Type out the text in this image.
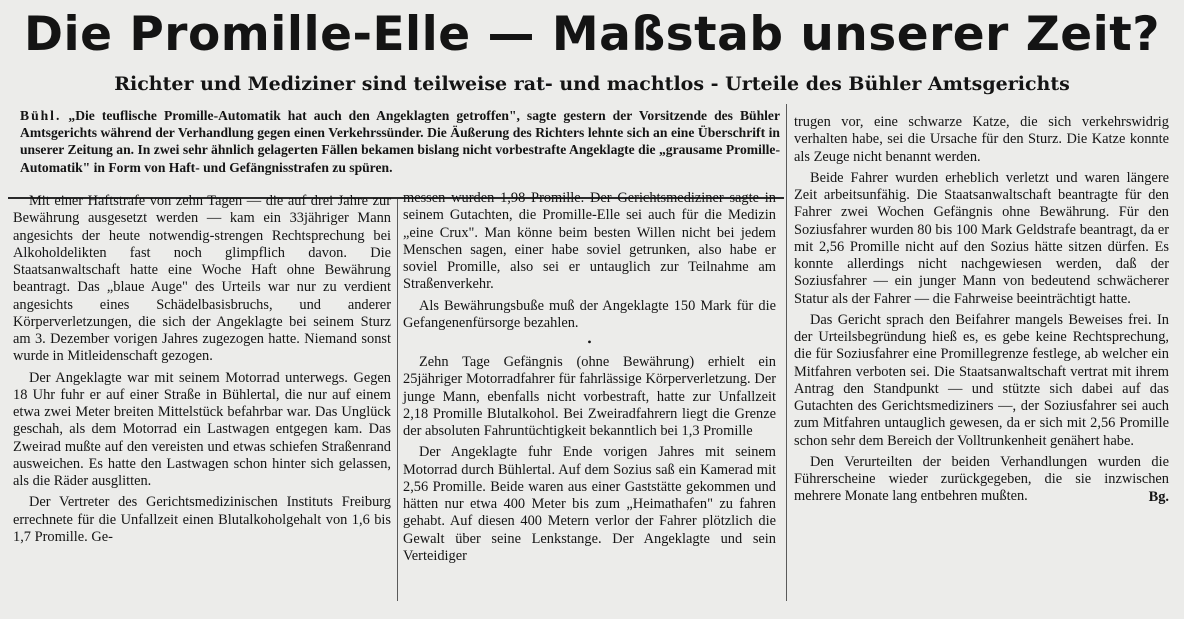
Die Promille-Elle — Maßstab unserer Zeit?
Richter und Mediziner sind teilweise rat- und machtlos - Urteile des Bühler Amtsgerichts

Bühl. „Die teuflische Promille-Automatik hat auch den Angeklagten getroffen", sagte gestern der Vorsitzende des Bühler Amtsgerichts während der Verhandlung gegen einen Verkehrssünder. Die Äußerung des Richters lehnte sich an eine Überschrift in unserer Zeitung an. In zwei sehr ähnlich gelagerten Fällen bekamen bislang nicht vorbestrafte Angeklagte die „grausame Promille-Automatik" in Form von Haft- und Gefängnisstrafen zu spüren.

Mit einer Haftstrafe von zehn Tagen — die auf drei Jahre zur Bewährung ausgesetzt werden — kam ein 33jähriger Mann angesichts der heute notwendig-strengen Rechtsprechung bei Alkoholdelikten fast noch glimpflich davon. Die Staatsanwaltschaft hatte eine Woche Haft ohne Bewährung beantragt. Das „blaue Auge" des Urteils war nur zu verdient angesichts eines Schädelbasisbruchs, und anderer Körperverletzungen, die sich der Angeklagte bei seinem Sturz am 3. Dezember vorigen Jahres zugezogen hatte. Niemand sonst wurde in Mitleidenschaft gezogen.

Der Angeklagte war mit seinem Motorrad unterwegs. Gegen 18 Uhr fuhr er auf einer Straße in Bühlertal, die nur auf einem etwa zwei Meter breiten Mittelstück befahrbar war. Das Unglück geschah, als dem Motorrad ein Lastwagen entgegen kam. Das Zweirad mußte auf den vereisten und etwas schiefen Straßenrand ausweichen. Es hatte den Lastwagen schon hinter sich gelassen, als die Räder ausglitten.

Der Vertreter des Gerichtsmedizinischen Instituts Freiburg errechnete für die Unfallzeit einen Blutalkoholgehalt von 1,6 bis 1,7 Promille. Ge-

messen wurden 1,98 Promille. Der Gerichtsmediziner sagte in seinem Gutachten, die Promille-Elle sei auch für die Medizin „eine Crux". Man könne beim besten Willen nicht bei jedem Menschen sagen, einer habe soviel getrunken, also habe er soviel Promille, also sei er untauglich zur Teilnahme am Straßenverkehr.

Als Bewährungsbuße muß der Angeklagte 150 Mark für die Gefangenenfürsorge bezahlen.

•

Zehn Tage Gefängnis (ohne Bewährung) erhielt ein 25jähriger Motorradfahrer für fahrlässige Körperverletzung. Der junge Mann, ebenfalls nicht vorbestraft, hatte zur Unfallzeit 2,18 Promille Blutalkohol. Bei Zweiradfahrern liegt die Grenze der absoluten Fahruntüchtigkeit bekanntlich bei 1,3 Promille

Der Angeklagte fuhr Ende vorigen Jahres mit seinem Motorrad durch Bühlertal. Auf dem Sozius saß ein Kamerad mit 2,56 Promille. Beide waren aus einer Gaststätte gekommen und hätten nur etwa 400 Meter bis zum „Heimathafen" zu fahren gehabt. Auf diesen 400 Metern verlor der Fahrer plötzlich die Gewalt über seine Lenkstange. Der Angeklagte und sein Verteidiger

trugen vor, eine schwarze Katze, die sich verkehrswidrig verhalten habe, sei die Ursache für den Sturz. Die Katze konnte als Zeuge nicht benannt werden.

Beide Fahrer wurden erheblich verletzt und waren längere Zeit arbeitsunfähig. Die Staatsanwaltschaft beantragte für den Fahrer zwei Wochen Gefängnis ohne Bewährung. Für den Soziusfahrer wurden 80 bis 100 Mark Geldstrafe beantragt, da er mit 2,56 Promille nicht auf den Sozius hätte sitzen dürfen. Es konnte allerdings nicht nachgewiesen werden, daß der Soziusfahrer — ein junger Mann von bedeutend schwächerer Statur als der Fahrer — die Fahrweise beeinträchtigt hatte.

Das Gericht sprach den Beifahrer mangels Beweises frei. In der Urteilsbegründung hieß es, es gebe keine Rechtsprechung, die für Soziusfahrer eine Promillegrenze festlege, ab welcher ein Mitfahren verboten sei. Die Staatsanwaltschaft vertrat mit ihrem Antrag den Standpunkt — und stützte sich dabei auf das Gutachten des Gerichtsmediziners —, der Soziusfahrer sei auch zum Mitfahren untauglich gewesen, da er sich mit 2,56 Promille schon sehr dem Bereich der Volltrunkenheit genähert habe.

Den Verurteilten der beiden Verhandlungen wurden die Führerscheine wieder zurückgegeben, die sie inzwischen mehrere Monate lang entbehren mußten.	Bg.
